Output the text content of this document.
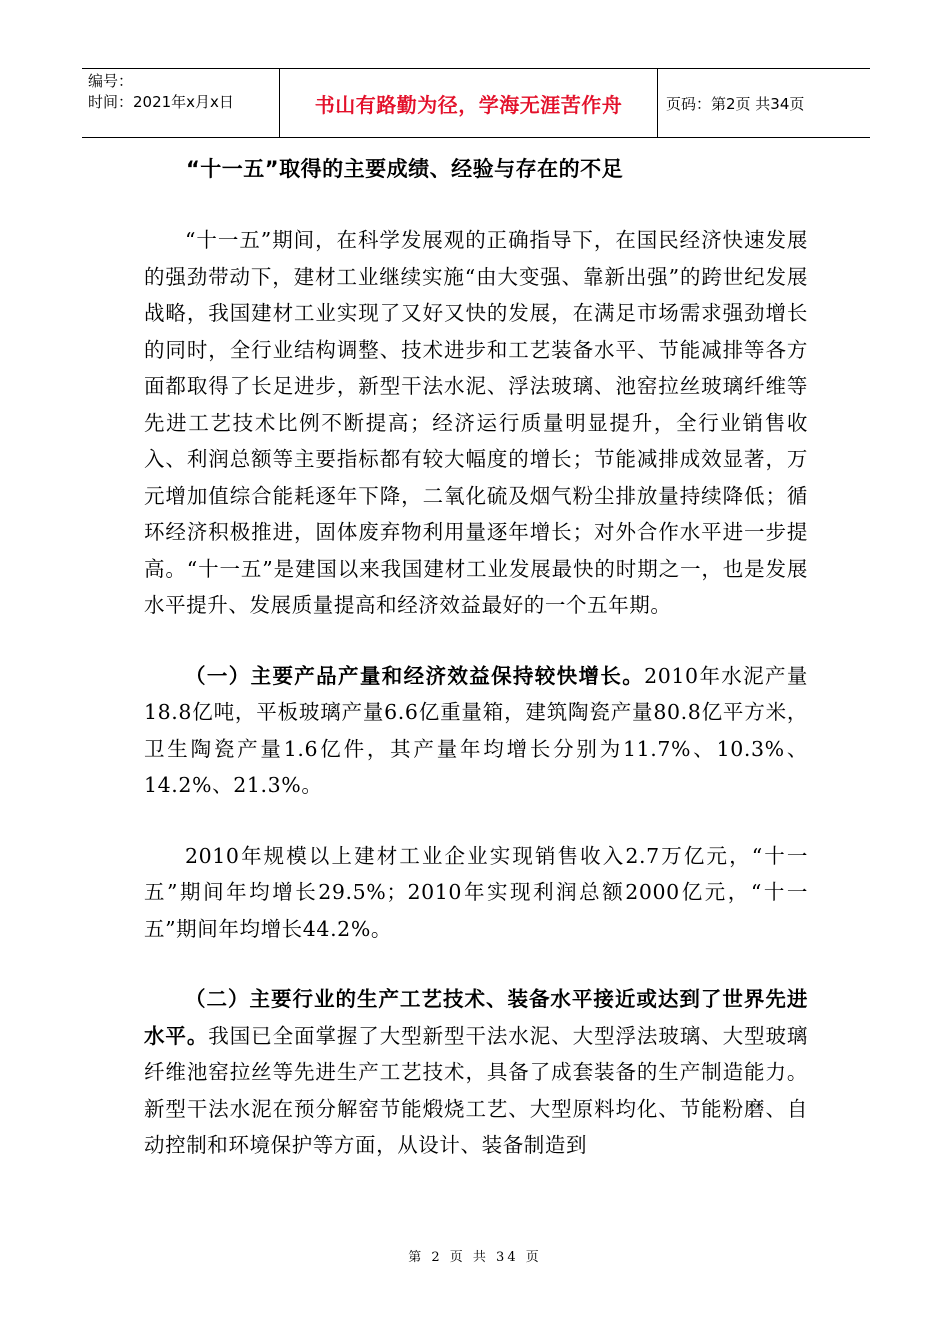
编号：
时间：2021年x月x日	书山有路勤为径，学海无涯苦作舟	页码：第2页 共34页
“十一五”取得的主要成绩、经验与存在的不足

“十一五”期间，在科学发展观的正确指导下，在国民经济快速发展的强劲带动下，建材工业继续实施“由大变强、靠新出强”的跨世纪发展战略，我国建材工业实现了又好又快的发展，在满足市场需求强劲增长的同时，全行业结构调整、技术进步和工艺装备水平、节能减排等各方面都取得了长足进步，新型干法水泥、浮法玻璃、池窑拉丝玻璃纤维等先进工艺技术比例不断提高；经济运行质量明显提升，全行业销售收入、利润总额等主要指标都有较大幅度的增长；节能减排成效显著，万元增加值综合能耗逐年下降，二氧化硫及烟气粉尘排放量持续降低；循环经济积极推进，固体废弃物利用量逐年增长；对外合作水平进一步提高。“十一五”是建国以来我国建材工业发展最快的时期之一，也是发展水平提升、发展质量提高和经济效益最好的一个五年期。

（一）主要产品产量和经济效益保持较快增长。2010年水泥产量18.8亿吨，平板玻璃产量6.6亿重量箱，建筑陶瓷产量80.8亿平方米，卫生陶瓷产量1.6亿件，其产量年均增长分别为11.7%、10.3%、14.2%、21.3%。

2010年规模以上建材工业企业实现销售收入2.7万亿元，“十一五”期间年均增长29.5%；2010年实现利润总额2000亿元，“十一五”期间年均增长44.2%。

（二）主要行业的生产工艺技术、装备水平接近或达到了世界先进水平。我国已全面掌握了大型新型干法水泥、大型浮法玻璃、大型玻璃纤维池窑拉丝等先进生产工艺技术，具备了成套装备的生产制造能力。新型干法水泥在预分解窑节能煅烧工艺、大型原料均化、节能粉磨、自动控制和环境保护等方面，从设计、装备制造到

第 2 页 共 34 页
